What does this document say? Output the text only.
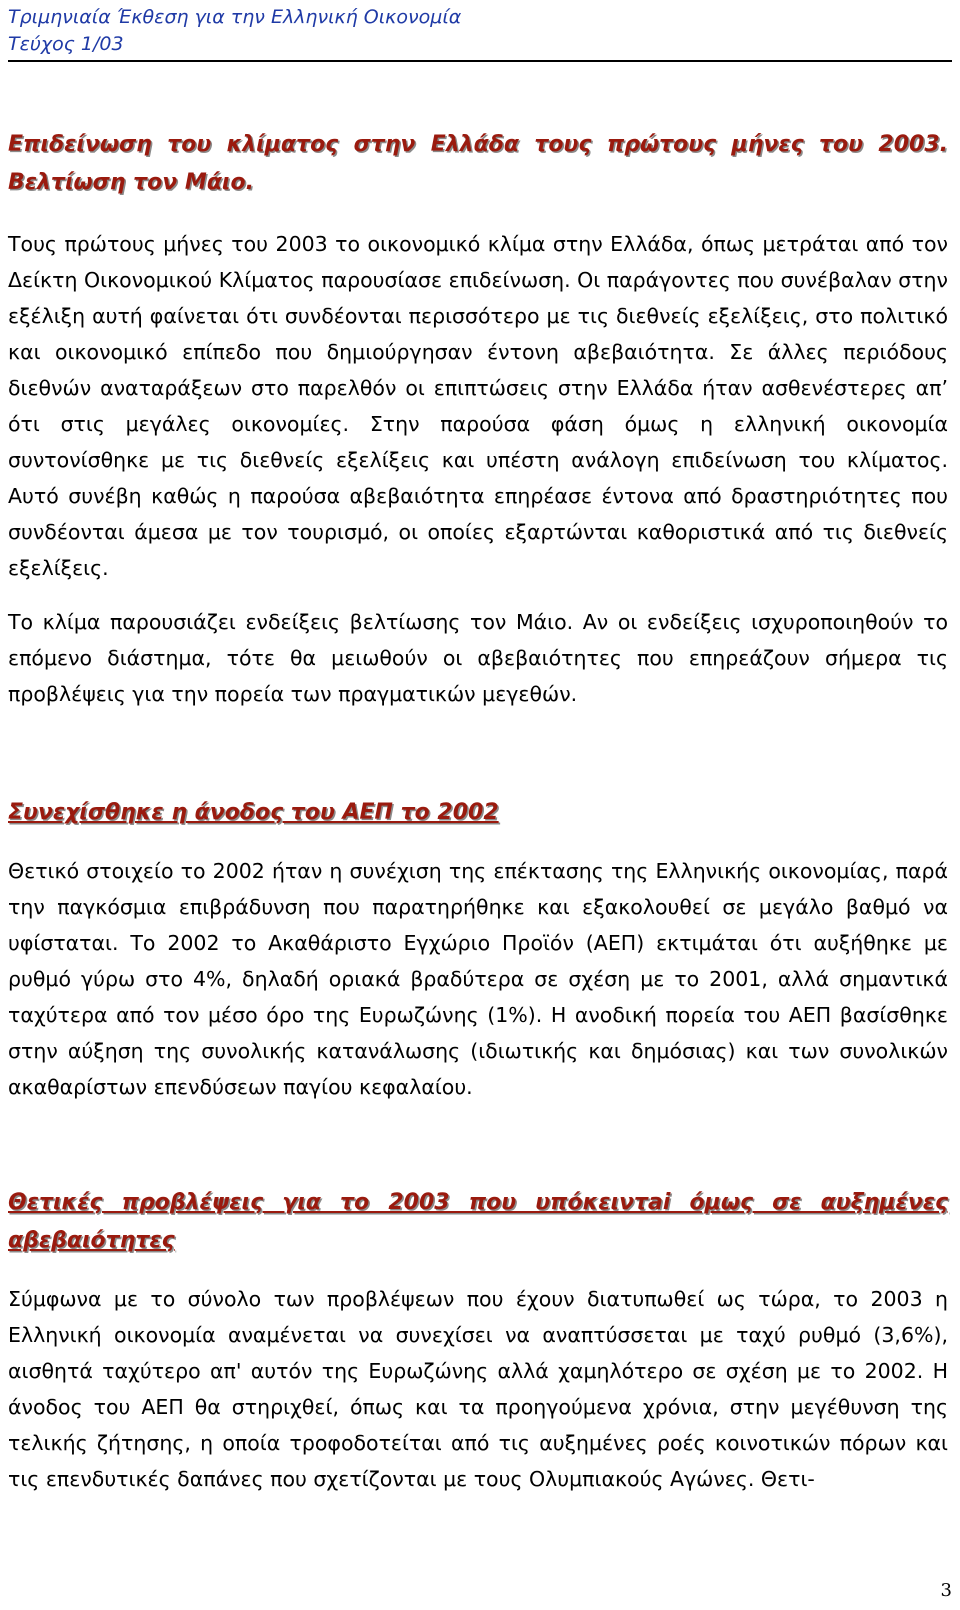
Τριμηνιαία Έκθεση για την Ελληνική Οικονομία
Τεύχος 1/03
Επιδείνωση του κλίματος στην Ελλάδα τους πρώτους μήνες του 2003. Βελτίωση τον Μάιο.

Τους πρώτους μήνες του 2003 το οικονομικό κλίμα στην Ελλάδα, όπως μετράται από τον Δείκτη Οικονομικού Κλίματος παρουσίασε επιδείνωση. Οι παράγοντες που συνέβαλαν στην εξέλιξη αυτή φαίνεται ότι συνδέονται περισσότερο με τις διεθνείς εξελίξεις, στο πολιτικό και οικονομικό επίπεδο που δημιούργησαν έντονη αβεβαιότητα. Σε άλλες περιόδους διεθνών αναταράξεων στο παρελθόν οι επιπτώσεις στην Ελλάδα ήταν ασθενέστερες απ’ ότι στις μεγάλες οικονομίες. Στην παρούσα φάση όμως η ελληνική οικονομία συντονίσθηκε με τις διεθνείς εξελίξεις και υπέστη ανάλογη επιδείνωση του κλίματος. Αυτό συνέβη καθώς η παρούσα αβεβαιότητα επηρέασε έντονα από δραστηριότητες που συνδέονται άμεσα με τον τουρισμό, οι οποίες εξαρτώνται καθοριστικά από τις διεθνείς εξελίξεις.

Το κλίμα παρουσιάζει ενδείξεις βελτίωσης τον Μάιο. Αν οι ενδείξεις ισχυροποιηθούν το επόμενο διάστημα, τότε θα μειωθούν οι αβεβαιότητες που επηρεάζουν σήμερα τις προβλέψεις για την πορεία των πραγματικών μεγεθών.

Συνεχίσθηκε η άνοδος του ΑΕΠ το 2002

Θετικό στοιχείο το 2002 ήταν η συνέχιση της επέκτασης της Ελληνικής οικονομίας, παρά την παγκόσμια επιβράδυνση που παρατηρήθηκε και εξακολουθεί σε μεγάλο βαθμό να υφίσταται. Το 2002 το Ακαθάριστο Εγχώριο Προϊόν (ΑΕΠ) εκτιμάται ότι αυξήθηκε με ρυθμό γύρω στο 4%, δηλαδή οριακά βραδύτερα σε σχέση με το 2001, αλλά σημαντικά ταχύτερα από τον μέσο όρο της Ευρωζώνης (1%). Η ανοδική πορεία του ΑΕΠ βασίσθηκε στην αύξηση της συνολικής κατανάλωσης (ιδιωτικής και δημόσιας) και των συνολικών ακαθαρίστων επενδύσεων παγίου κεφαλαίου.

Θετικές προβλέψεις για το 2003 που υπόκειντai όμως σε αυξημένες αβεβαιότητες

Σύμφωνα με το σύνολο των προβλέψεων που έχουν διατυπωθεί ως τώρα, το 2003 η Ελληνική οικονομία αναμένεται να συνεχίσει να αναπτύσσεται με ταχύ ρυθμό (3,6%), αισθητά ταχύτερο απ' αυτόν της Ευρωζώνης αλλά χαμηλότερο σε σχέση με το 2002. Η άνοδος του ΑΕΠ θα στηριχθεί, όπως και τα προηγούμενα χρόνια, στην μεγέθυνση της τελικής ζήτησης, η οποία τροφοδοτείται από τις αυξημένες ροές κοινοτικών πόρων και τις επενδυτικές δαπάνες που σχετίζονται με τους Ολυμπιακούς Αγώνες. Θετι-

3
